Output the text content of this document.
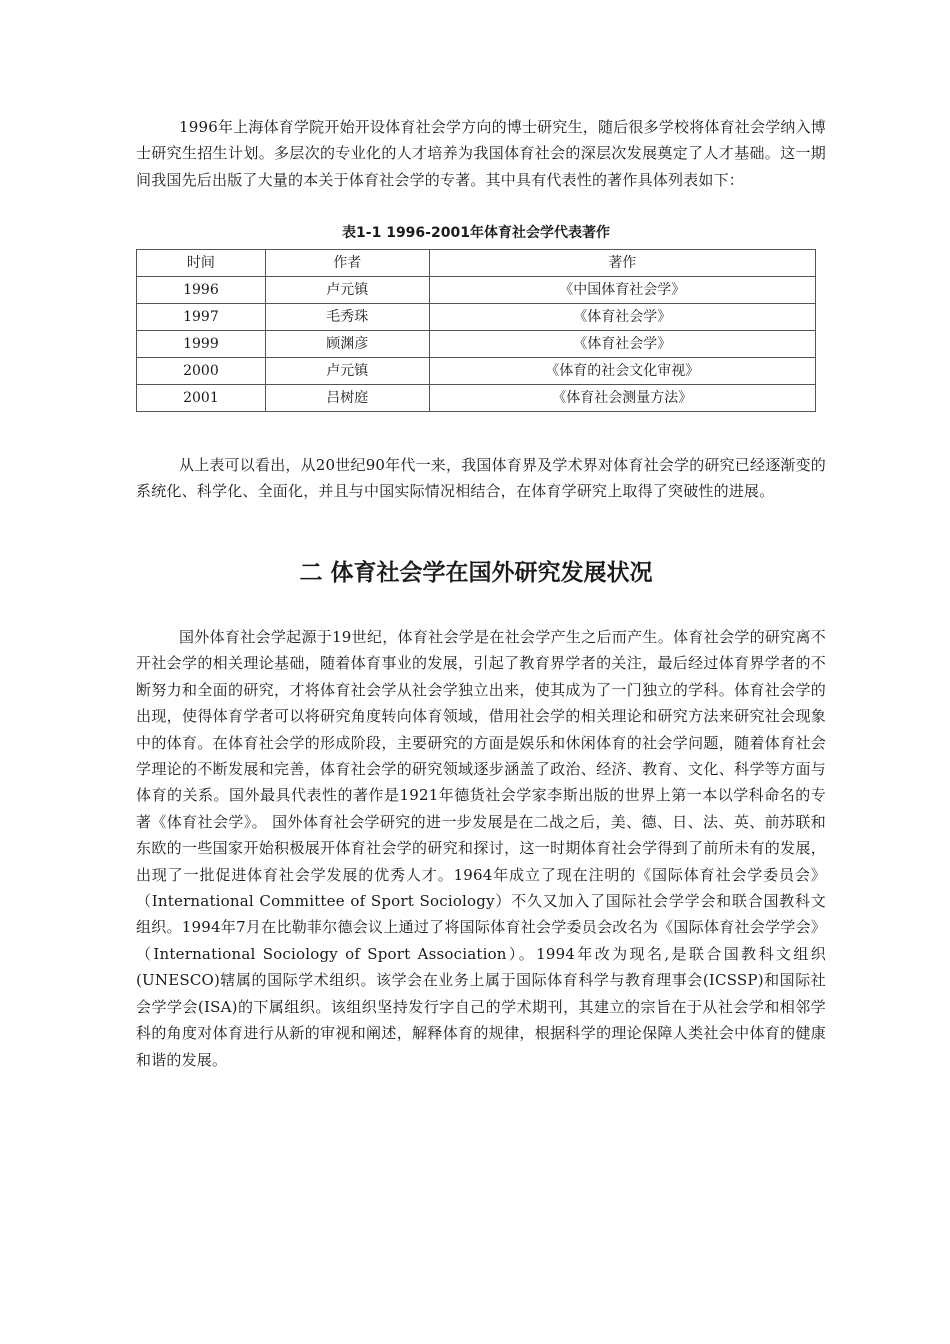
1996年上海体育学院开始开设体育社会学方向的博士研究生，随后很多学校将体育社会学纳入博士研究生招生计划。多层次的专业化的人才培养为我国体育社会的深层次发展奠定了人才基础。这一期间我国先后出版了大量的本关于体育社会学的专著。其中具有代表性的著作具体列表如下：

表1-1 1996-2001年体育社会学代表著作

时间	作者	著作
1996	卢元镇	《中国体育社会学》
1997	毛秀珠	《体育社会学》
1999	顾渊彦	《体育社会学》
2000	卢元镇	《体育的社会文化审视》
2001	吕树庭	《体育社会测量方法》

从上表可以看出，从20世纪90年代一来，我国体育界及学术界对体育社会学的研究已经逐渐变的系统化、科学化、全面化，并且与中国实际情况相结合，在体育学研究上取得了突破性的进展。

二 体育社会学在国外研究发展状况

国外体育社会学起源于19世纪，体育社会学是在社会学产生之后而产生。体育社会学的研究离不开社会学的相关理论基础，随着体育事业的发展，引起了教育界学者的关注，最后经过体育界学者的不断努力和全面的研究，才将体育社会学从社会学独立出来，使其成为了一门独立的学科。体育社会学的出现，使得体育学者可以将研究角度转向体育领域，借用社会学的相关理论和研究方法来研究社会现象中的体育。在体育社会学的形成阶段，主要研究的方面是娱乐和休闲体育的社会学问题，随着体育社会学理论的不断发展和完善，体育社会学的研究领域逐步涵盖了政治、经济、教育、文化、科学等方面与体育的关系。国外最具代表性的著作是1921年德货社会学家李斯出版的世界上第一本以学科命名的专著《体育社会学》。 国外体育社会学研究的进一步发展是在二战之后，美、德、日、法、英、前苏联和东欧的一些国家开始积极展开体育社会学的研究和探讨，这一时期体育社会学得到了前所未有的发展，出现了一批促进体育社会学发展的优秀人才。1964年成立了现在注明的《国际体育社会学委员会》（International Committee of Sport Sociology）不久又加入了国际社会学学会和联合国教科文组织。1994年7月在比勒菲尔德会议上通过了将国际体育社会学委员会改名为《国际体育社会学学会》（International Sociology of Sport Association）。1994年改为现名,是联合国教科文组织(UNESCO)辖属的国际学术组织。该学会在业务上属于国际体育科学与教育理事会(ICSSP)和国际社会学学会(ISA)的下属组织。该组织坚持发行字自己的学术期刊，其建立的宗旨在于从社会学和相邻学科的角度对体育进行从新的审视和阐述，解释体育的规律，根据科学的理论保障人类社会中体育的健康和谐的发展。
